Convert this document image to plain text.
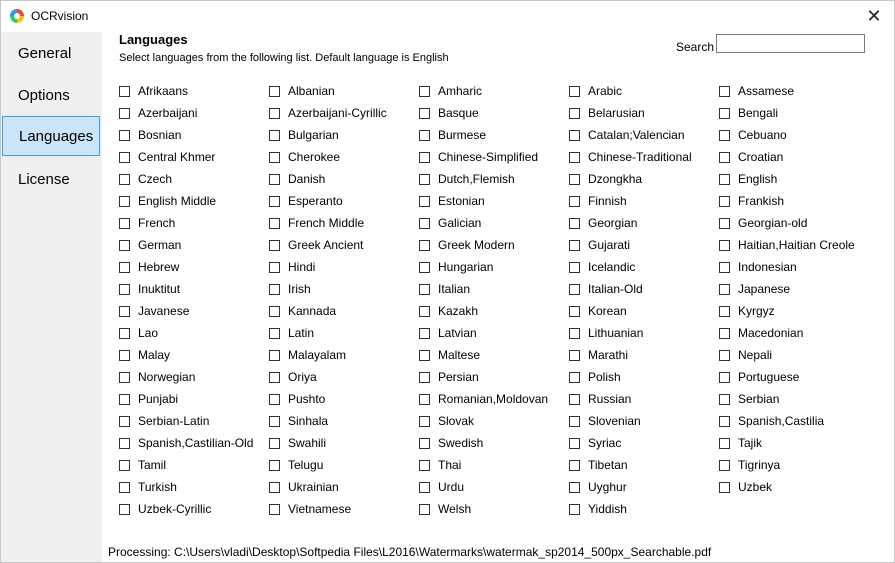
OCRvision	✕
General
Options
Languages
License
Languages
Select languages from the following list. Default language is English
Search
Afrikaans
Azerbaijani
Bosnian
Central Khmer
Czech
English Middle
French
German
Hebrew
Inuktitut
Javanese
Lao
Malay
Norwegian
Punjabi
Serbian-Latin
Spanish,Castilian-Old
Tamil
Turkish
Uzbek-Cyrillic
Albanian
Azerbaijani-Cyrillic
Bulgarian
Cherokee
Danish
Esperanto
French Middle
Greek Ancient
Hindi
Irish
Kannada
Latin
Malayalam
Oriya
Pushto
Sinhala
Swahili
Telugu
Ukrainian
Vietnamese
Amharic
Basque
Burmese
Chinese-Simplified
Dutch,Flemish
Estonian
Galician
Greek Modern
Hungarian
Italian
Kazakh
Latvian
Maltese
Persian
Romanian,Moldovan
Slovak
Swedish
Thai
Urdu
Welsh
Arabic
Belarusian
Catalan;Valencian
Chinese-Traditional
Dzongkha
Finnish
Georgian
Gujarati
Icelandic
Italian-Old
Korean
Lithuanian
Marathi
Polish
Russian
Slovenian
Syriac
Tibetan
Uyghur
Yiddish
Assamese
Bengali
Cebuano
Croatian
English
Frankish
Georgian-old
Haitian,Haitian Creole
Indonesian
Japanese
Kyrgyz
Macedonian
Nepali
Portuguese
Serbian
Spanish,Castilia
Tajik
Tigrinya
Uzbek
Processing: C:\Users\vladi\Desktop\Softpedia Files\L2016\Watermarks\watermak_sp2014_500px_Searchable.pdf
